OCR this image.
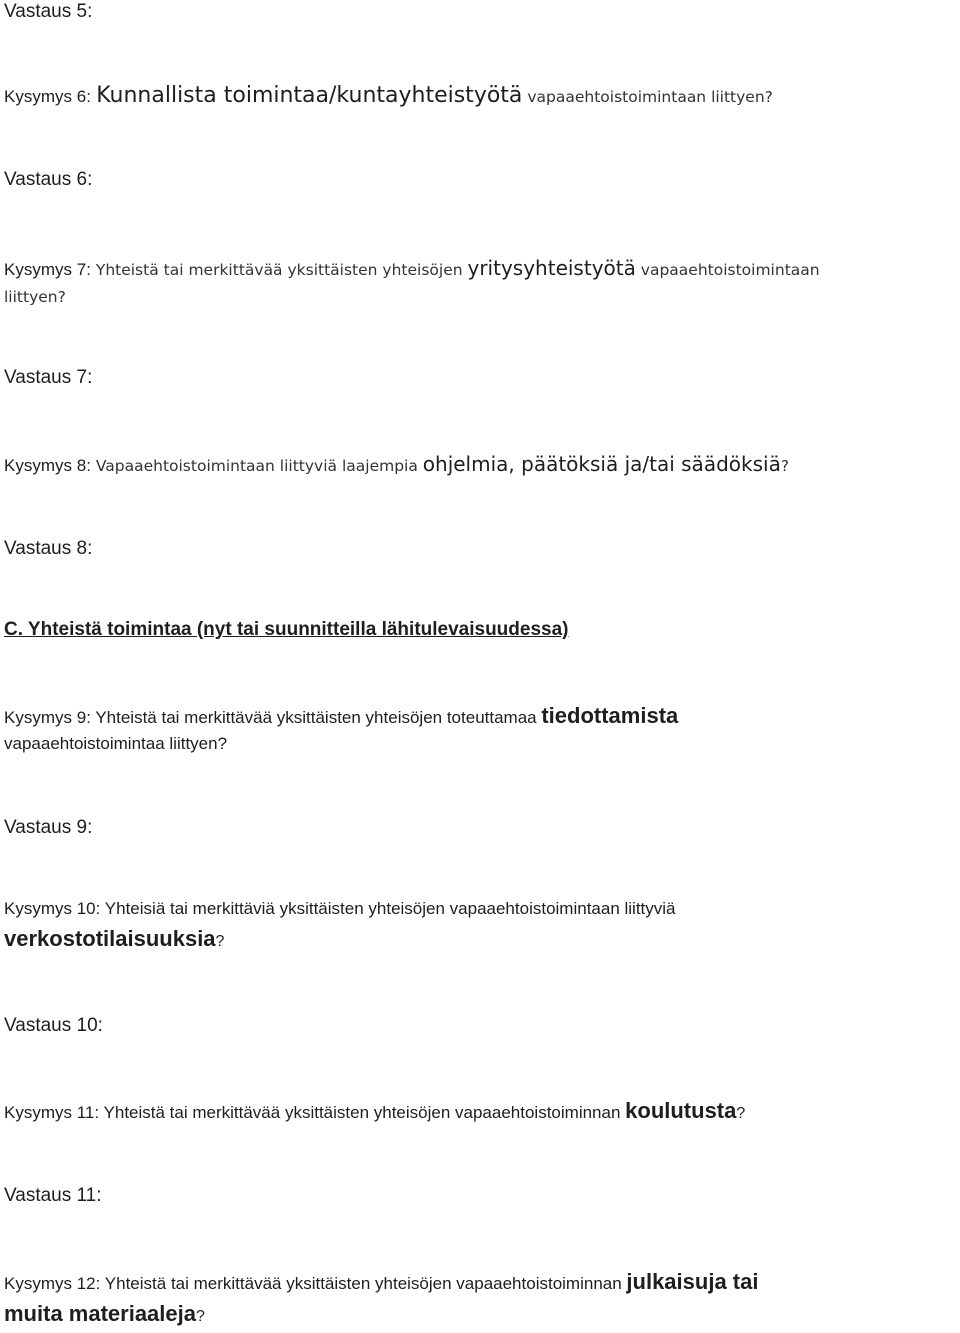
Vastaus 5:

Kysymys 6: Kunnallista toimintaa/kuntayhteistyötä vapaaehtoistoimintaan liittyen?

Vastaus 6:

Kysymys 7: Yhteistä tai merkittävää yksittäisten yhteisöjen yritysyhteistyötä vapaaehtoistoimintaan
liittyen?

Vastaus 7:

Kysymys 8: Vapaaehtoistoimintaan liittyviä laajempia ohjelmia, päätöksiä ja/tai säädöksiä?

Vastaus 8:

C. Yhteistä toimintaa (nyt tai suunnitteilla lähitulevaisuudessa)

Kysymys 9: Yhteistä tai merkittävää yksittäisten yhteisöjen toteuttamaa tiedottamista
vapaaehtoistoimintaa liittyen?

Vastaus 9:

Kysymys 10: Yhteisiä tai merkittäviä yksittäisten yhteisöjen vapaaehtoistoimintaan liittyviä
verkostotilaisuuksia?

Vastaus 10:

Kysymys 11: Yhteistä tai merkittävää yksittäisten yhteisöjen vapaaehtoistoiminnan koulutusta?

Vastaus 11:

Kysymys 12: Yhteistä tai merkittävää yksittäisten yhteisöjen vapaaehtoistoiminnan julkaisuja tai
muita materiaaleja?
